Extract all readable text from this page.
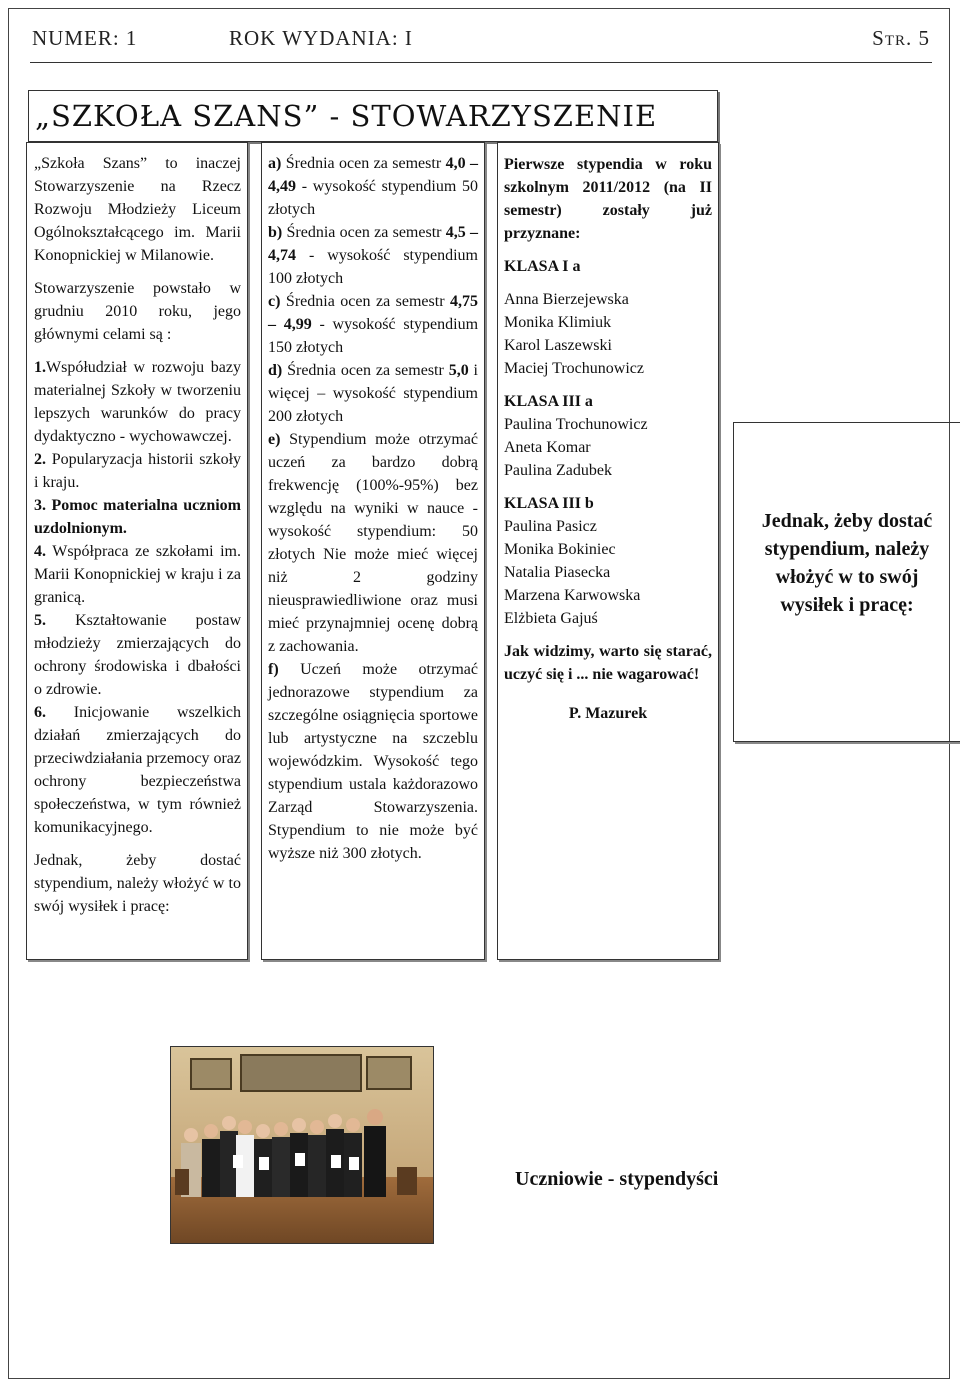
NUMER: 1	ROK WYDANIA: I	Str. 5
„SZKOŁA SZANS” - STOWARZYSZENIE

„Szkoła Szans” to inaczej Stowarzyszenie na Rzecz Rozwoju Młodzieży Liceum Ogólnokształcącego im. Marii Konopnickiej w Milanowie.

Stowarzyszenie powstało w grudniu 2010 roku, jego głównymi celami są :

1.Współudział w rozwoju bazy materialnej Szkoły w tworzeniu lepszych warunków do pracy dydaktyczno - wychowawczej.

2. Popularyzacja historii szkoły i kraju.

3. Pomoc materialna uczniom uzdolnionym.

4. Współpraca ze szkołami im. Marii Konopnickiej w kraju i za granicą.

5. Kształtowanie postaw młodzieży zmierzających do ochrony środowiska i dbałości o zdrowie.

6. Inicjowanie wszelkich działań zmierzających do przeciwdziałania przemocy oraz ochrony bezpieczeństwa społeczeństwa, w tym również komunikacyjnego.

Jednak, żeby dostać stypendium, należy włożyć w to swój wysiłek i pracę:

a) Średnia ocen za semestr 4,0 – 4,49 - wysokość stypendium 50 złotych

b) Średnia ocen za semestr 4,5 – 4,74 - wysokość stypendium 100 złotych

c) Średnia ocen za semestr 4,75 – 4,99 - wysokość stypendium 150 złotych

d) Średnia ocen za semestr 5,0 i więcej – wysokość stypendium 200 złotych

e) Stypendium może otrzymać uczeń za bardzo dobrą frekwencję (100%-95%) bez względu na wyniki w nauce - wysokość stypendium: 50 złotych Nie może mieć więcej niż 2 godziny nieusprawiedliwione oraz musi mieć przynajmniej ocenę dobrą z zachowania.

f) Uczeń może otrzymać jednorazowe stypendium za szczególne osiągnięcia sportowe lub artystyczne na szczeblu wojewódzkim. Wysokość tego stypendium ustala każdorazowo Zarząd Stowarzyszenia. Stypendium to nie może być wyższe niż 300 złotych.

Pierwsze stypendia w roku szkolnym 2011/2012 (na II semestr) zostały już przyznane:

KLASA I a

Anna Bierzejewska

Monika Klimiuk

Karol Laszewski

Maciej Trochunowicz

KLASA III a

Paulina Trochunowicz

Aneta Komar

Paulina Zadubek

KLASA III b

Paulina Pasicz

Monika Bokiniec

Natalia Piasecka

Marzena Karwowska

Elżbieta Gajuś

Jak widzimy, warto się starać, uczyć się i ... nie wagarować!

P. Mazurek

Jednak, żeby dostać stypendium, należy włożyć w to swój wysiłek i pracę:

Uczniowie - stypendyści
